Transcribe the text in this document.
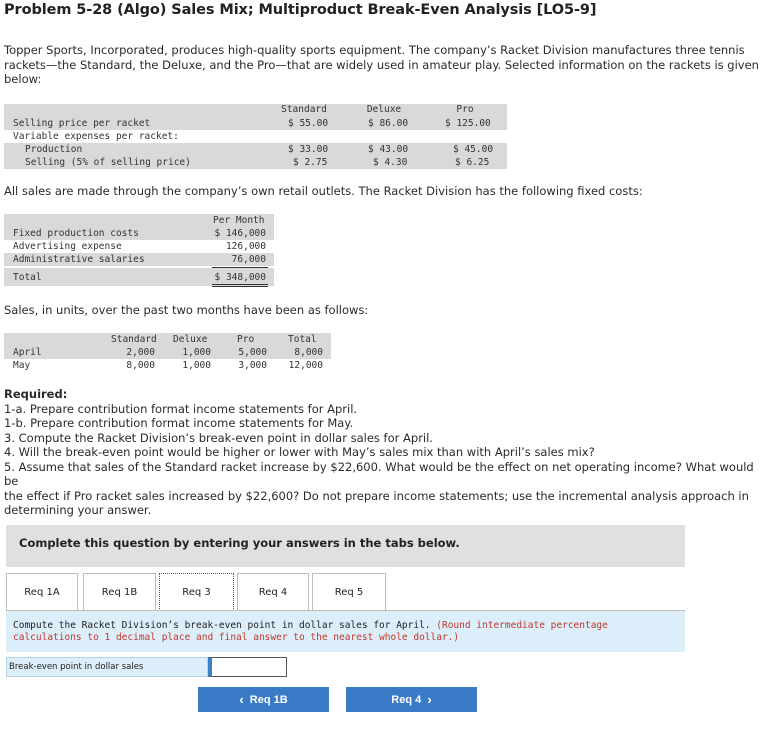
Problem 5-28 (Algo) Sales Mix; Multiproduct Break-Even Analysis [LO5-9]
Topper Sports, Incorporated, produces high-quality sports equipment. The company’s Racket Division manufactures three tennis
rackets—the Standard, the Deluxe, and the Pro—that are widely used in amateur play. Selected information on the rackets is given
below:
Standard	Deluxe	Pro
Selling price per racket	$ 55.00	$ 86.00	$ 125.00
Variable expenses per racket:
Production	$ 33.00	$ 43.00	$ 45.00
Selling (5% of selling price)	$ 2.75	$ 4.30	$ 6.25
All sales are made through the company’s own retail outlets. The Racket Division has the following fixed costs:
Per Month
Fixed production costs	$ 146,000
Advertising expense	126,000
Administrative salaries	76,000
Total	$ 348,000
Sales, in units, over the past two months have been as follows:
Standard Deluxe	Pro	Total
April	2,000	1,000	5,000	8,000
May	8,000	1,000	3,000	12,000
Required:
1-a. Prepare contribution format income statements for April.
1-b. Prepare contribution format income statements for May.
3. Compute the Racket Division’s break-even point in dollar sales for April.
4. Will the break-even point would be higher or lower with May’s sales mix than with April’s sales mix?
5. Assume that sales of the Standard racket increase by $22,600. What would be the effect on net operating income? What would be
the effect if Pro racket sales increased by $22,600? Do not prepare income statements; use the incremental analysis approach in
determining your answer.
Complete this question by entering your answers in the tabs below.
Req 1A	Req 1B	Req 3	Req 4	Req 5
Compute the Racket Division’s break-even point in dollar sales for April. (Round intermediate percentage calculations to 1 decimal place and final answer to the nearest whole dollar.)
Break-even point in dollar sales
‹
Req 1B	Req 4
›
